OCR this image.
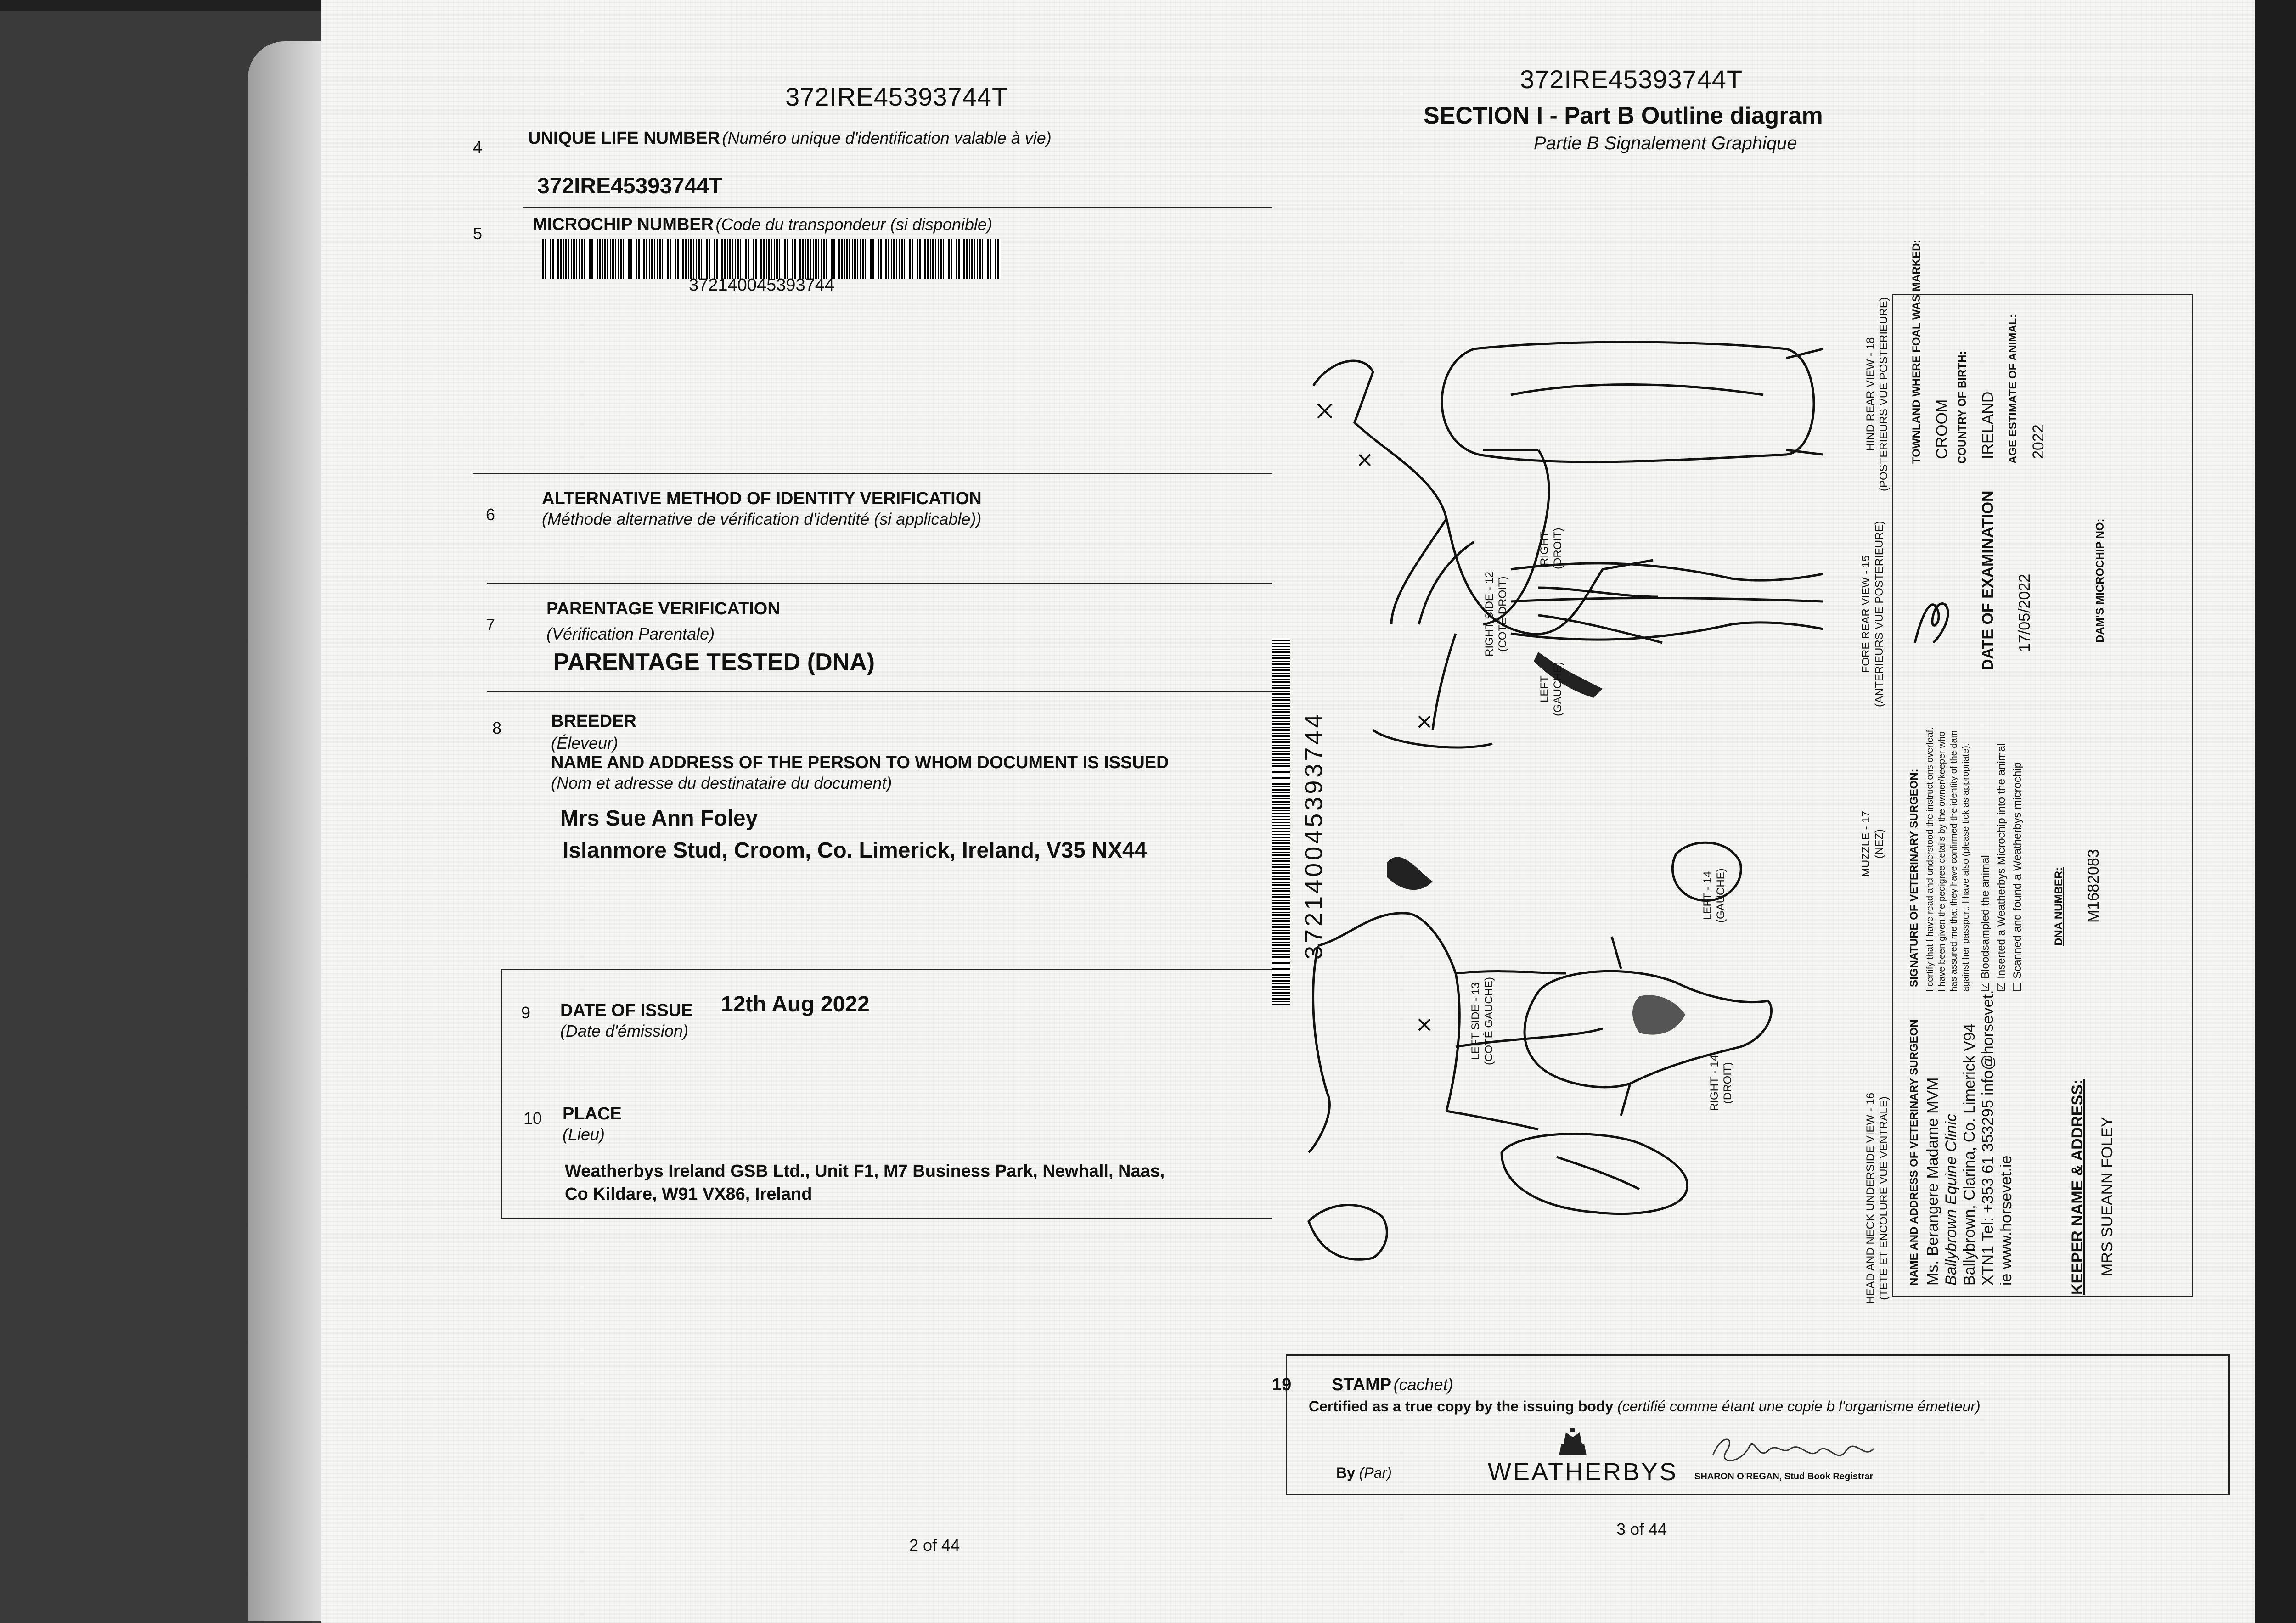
372IRE45393744T
4	UNIQUE LIFE NUMBER (Numéro unique d'identification valable à vie)
372IRE45393744T
5	MICROCHIP NUMBER (Code du transpondeur (si disponible)
372140045393744
6
ALTERNATIVE METHOD OF IDENTITY VERIFICATION
(Méthode alternative de vérification d'identité (si applicable))
7
PARENTAGE VERIFICATION
(Vérification Parentale)
PARENTAGE TESTED (DNA)
8	BREEDER
(Éleveur)
NAME AND ADDRESS OF THE PERSON TO WHOM DOCUMENT IS ISSUED
(Nom et adresse du destinataire du document)
Mrs Sue Ann Foley
Islanmore Stud, Croom, Co. Limerick, Ireland, V35 NX44
9 DATE OF ISSUE 12th Aug 2022
(Date d'émission)
10 PLACE
(Lieu)
Weatherbys Ireland GSB Ltd., Unit F1, M7 Business Park, Newhall, Naas,
Co Kildare, W91 VX86, Ireland
2 of 44
372IRE45393744T
SECTION I - Part B Outline diagram
Partie B Signalement Graphique
372140045393744
RIGHT SIDE - 12 (COTÉ DROIT)
LEFT SIDE - 13 (COTÉ GAUCHE)
LEFT - 14 (GAUCHE)
RIGHT - 14 (DROIT)
MUZZLE - 17 (NEZ)
FORE REAR VIEW - 15 (ANTERIEURS VUE POSTERIEURE)
HIND REAR VIEW - 18 (POSTERIEURS VUE POSTERIEURE)
HEAD AND NECK UNDERSIDE VIEW - 16 (TETE ET ENCOLURE VUE VENTRALE)
LEFT (GAUCHE)
RIGHT (DROIT)
NAME AND ADDRESS OF VETERINARY SURGEON Ms. Berangere Madame MVM Ballybrown Equine Clinic Ballybrown, Clarina, Co. Limerick V94 XTN1 Tel: +353 61 353295 info@horsevet. ie www.horsevet.ie
SIGNATURE OF VETERINARY SURGEON: I certify that I have read and understood the instructions overleaf. I have been given the pedigree details by the owner/keeper who has assured me that they have confirmed the identity of the dam against her passport. I have also (please tick as appropriate): ☑ Bloodsampled the animal
☑ Inserted a Weatherbys Microchip into the animal
☐ Scanned and found a Weatherbys microchip
DATE OF EXAMINATION 17/05/2022	DAM'S MICROCHIP NO:
DNA NUMBER: M1682083
TOWNLAND WHERE FOAL WAS MARKED: CROOM COUNTRY OF BIRTH: IRELAND AGE ESTIMATE OF ANIMAL: 2022
KEEPER NAME & ADDRESS: MRS SUEANN FOLEY
19 STAMP (cachet)
Certified as a true copy by the issuing body (certifié comme étant une copie b l'organisme émetteur)
By (Par)	WEATHERBYS SHARON O'REGAN, Stud Book Registrar
3 of 44
